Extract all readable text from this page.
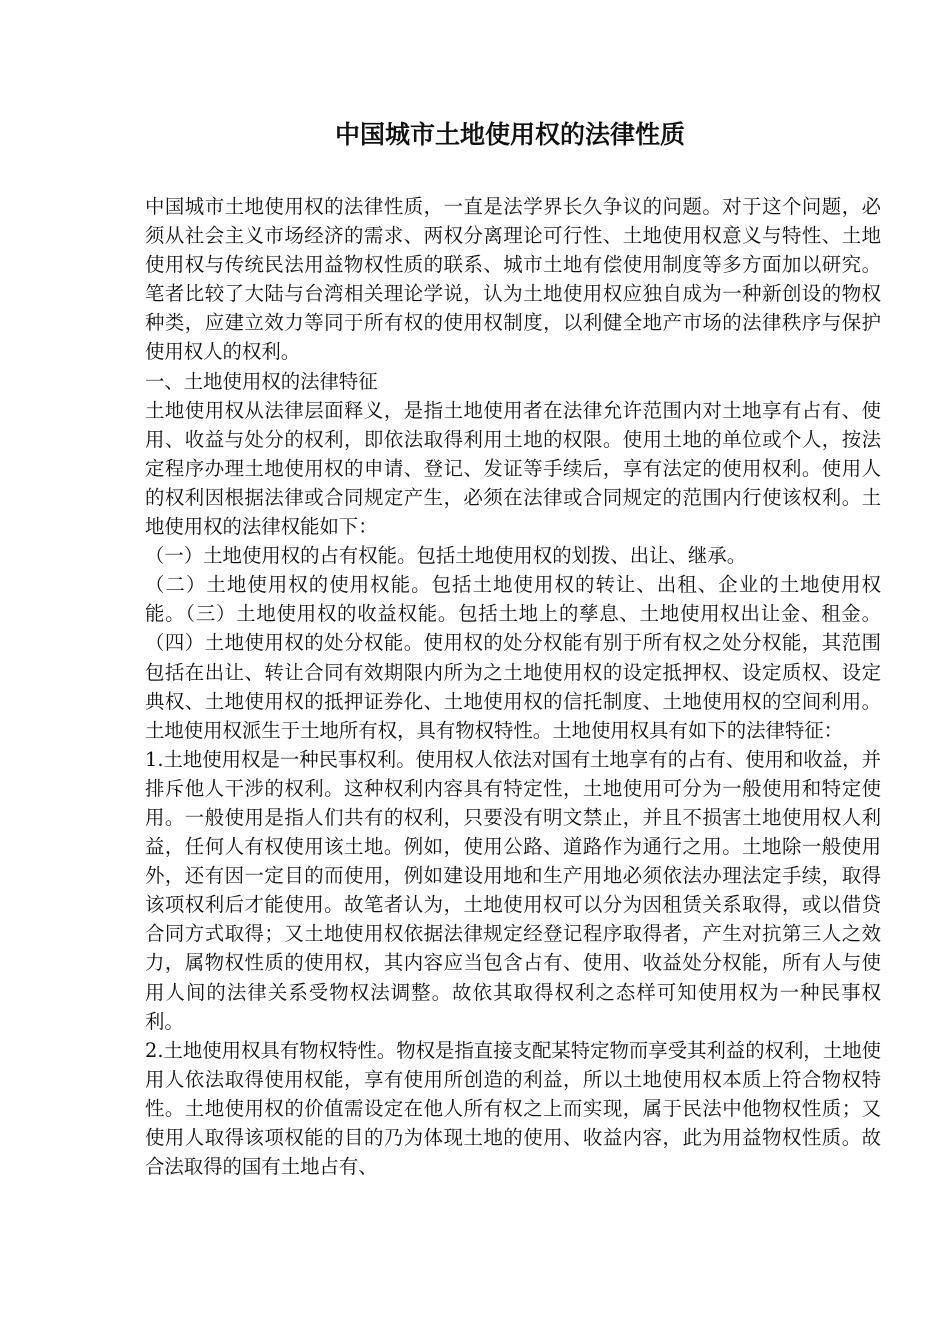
中国城市土地使用权的法律性质

中国城市土地使用权的法律性质，一直是法学界长久争议的问题。对于这个问题，必须从社会主义市场经济的需求、两权分离理论可行性、土地使用权意义与特性、土地使用权与传统民法用益物权性质的联系、城市土地有偿使用制度等多方面加以研究。笔者比较了大陆与台湾相关理论学说，认为土地使用权应独自成为一种新创设的物权种类，应建立效力等同于所有权的使用权制度，以利健全地产市场的法律秩序与保护使用权人的权利。

一、土地使用权的法律特征

土地使用权从法律层面释义，是指土地使用者在法律允许范围内对土地享有占有、使用、收益与处分的权利，即依法取得利用土地的权限。使用土地的单位或个人，按法定程序办理土地使用权的申请、登记、发证等手续后，享有法定的使用权利。使用人的权利因根据法律或合同规定产生，必须在法律或合同规定的范围内行使该权利。土地使用权的法律权能如下：

（一）土地使用权的占有权能。包括土地使用权的划拨、出让、继承。

（二）土地使用权的使用权能。包括土地使用权的转让、出租、企业的土地使用权能。（三）土地使用权的收益权能。包括土地上的孳息、土地使用权出让金、租金。（四）土地使用权的处分权能。使用权的处分权能有别于所有权之处分权能，其范围包括在出让、转让合同有效期限内所为之土地使用权的设定抵押权、设定质权、设定典权、土地使用权的抵押证券化、土地使用权的信托制度、土地使用权的空间利用。土地使用权派生于土地所有权，具有物权特性。土地使用权具有如下的法律特征：

1.土地使用权是一种民事权利。使用权人依法对国有土地享有的占有、使用和收益，并排斥他人干涉的权利。这种权利内容具有特定性，土地使用可分为一般使用和特定使用。一般使用是指人们共有的权利，只要没有明文禁止，并且不损害土地使用权人利益，任何人有权使用该土地。例如，使用公路、道路作为通行之用。土地除一般使用外，还有因一定目的而使用，例如建设用地和生产用地必须依法办理法定手续，取得该项权利后才能使用。故笔者认为，土地使用权可以分为因租赁关系取得，或以借贷合同方式取得；又土地使用权依据法律规定经登记程序取得者，产生对抗第三人之效力，属物权性质的使用权，其内容应当包含占有、使用、收益处分权能，所有人与使用人间的法律关系受物权法调整。故依其取得权利之态样可知使用权为一种民事权利。

2.土地使用权具有物权特性。物权是指直接支配某特定物而享受其利益的权利，土地使用人依法取得使用权能，享有使用所创造的利益，所以土地使用权本质上符合物权特性。土地使用权的价值需设定在他人所有权之上而实现，属于民法中他物权性质；又使用人取得该项权能的目的乃为体现土地的使用、收益内容，此为用益物权性质。故合法取得的国有土地占有、
